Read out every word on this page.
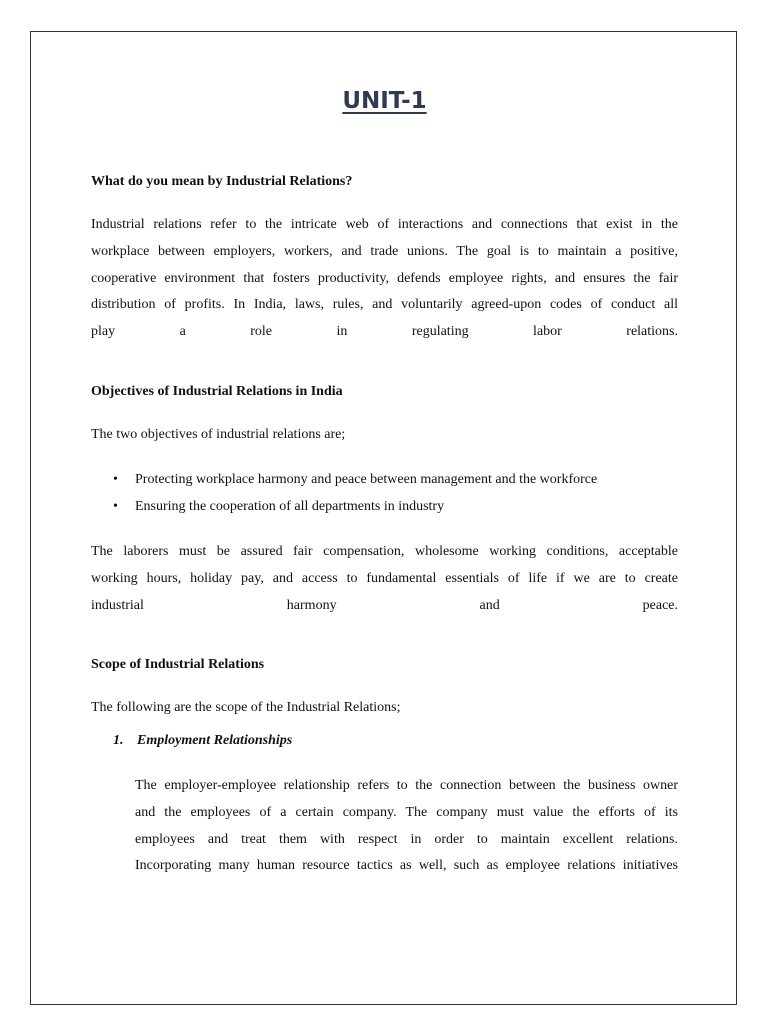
UNIT-1
What do you mean by Industrial Relations?
Industrial relations refer to the intricate web of interactions and connections that exist in the
workplace between employers, workers, and trade unions. The goal is to maintain a positive,
cooperative environment that fosters productivity, defends employee rights, and ensures the fair
distribution of profits. In India, laws, rules, and voluntarily agreed-upon codes of conduct all
play a role in regulating labor relations.
Objectives of Industrial Relations in India
The two objectives of industrial relations are;
• Protecting workplace harmony and peace between management and the workforce
• Ensuring the cooperation of all departments in industry
The laborers must be assured fair compensation, wholesome working conditions, acceptable
working hours, holiday pay, and access to fundamental essentials of life if we are to create
industrial harmony and peace.
Scope of Industrial Relations
The following are the scope of the Industrial Relations;
1. Employment Relationships
The employer-employee relationship refers to the connection between the business owner
and the employees of a certain company. The company must value the efforts of its
employees and treat them with respect in order to maintain excellent relations.
Incorporating many human resource tactics as well, such as employee relations initiatives
